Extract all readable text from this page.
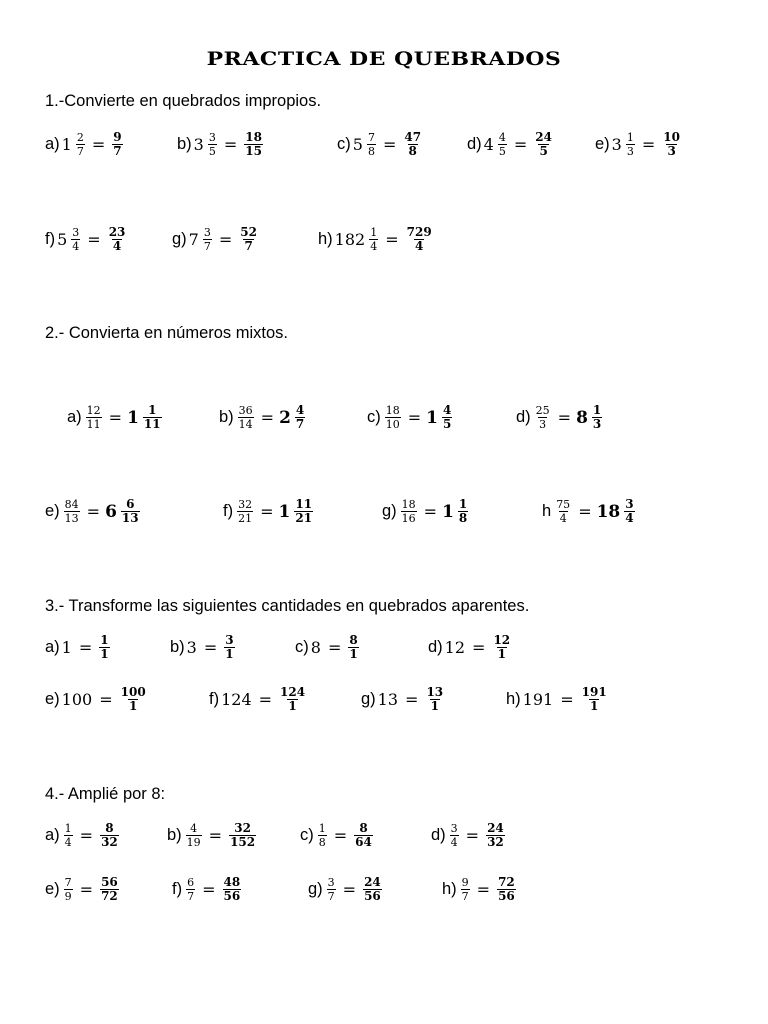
PRACTICA DE QUEBRADOS
1.-Convierte en quebrados impropios.
a) $1 \frac{2}{7} = \frac{9}{7}$	b) $3 \frac{3}{5} = \frac{18}{15}$	c) $5 \frac{7}{8} = \frac{47}{8}$	d) $4 \frac{4}{5} = \frac{24}{5}$	e) $3 \frac{1}{3} = \frac{10}{3}$
f) $5 \frac{3}{4} = \frac{23}{4}$	g) $7 \frac{3}{7} = \frac{52}{7}$	h) $182 \frac{1}{4} = \frac{729}{4}$
2.- Convierta en números mixtos.
$a) \frac{12}{11} = 1 \frac{1}{11}$	$b) \frac{36}{14} = 2 \frac{4}{7}$	$c) \frac{18}{10} = 1 \frac{4}{5}$	$d) \frac{25}{3} = 8 \frac{1}{3}$
$e) \frac{84}{13} = 6 \frac{6}{13}$	$f) \frac{32}{21} = 1 \frac{11}{21}$	$g) \frac{18}{16} = 1 \frac{1}{8}$	h $\frac{75}{4} = 18 \frac{3}{4}$
3.- Transforme las siguientes cantidades en quebrados aparentes.
a) $1 = \frac{1}{1}$	b) $3 = \frac{3}{1}$	c) $8 = \frac{8}{1}$	d) $12 = \frac{12}{1}$
e) $100 = \frac{100}{1}$	f) $124 = \frac{124}{1}$	g) $13 = \frac{13}{1}$	h) $191 = \frac{191}{1}$
4.- Amplié por 8:
$a) \frac{1}{4} = \frac{8}{32}$	$b) \frac{4}{19} = \frac{32}{152}$	$c) \frac{1}{8} = \frac{8}{64}$	$d) \frac{3}{4} = \frac{24}{32}$
$e) \frac{7}{9} = \frac{56}{72}$	$f) \frac{6}{7} = \frac{48}{56}$	$g) \frac{3}{7} = \frac{24}{56}$	$h) \frac{9}{7} = \frac{72}{56}$
